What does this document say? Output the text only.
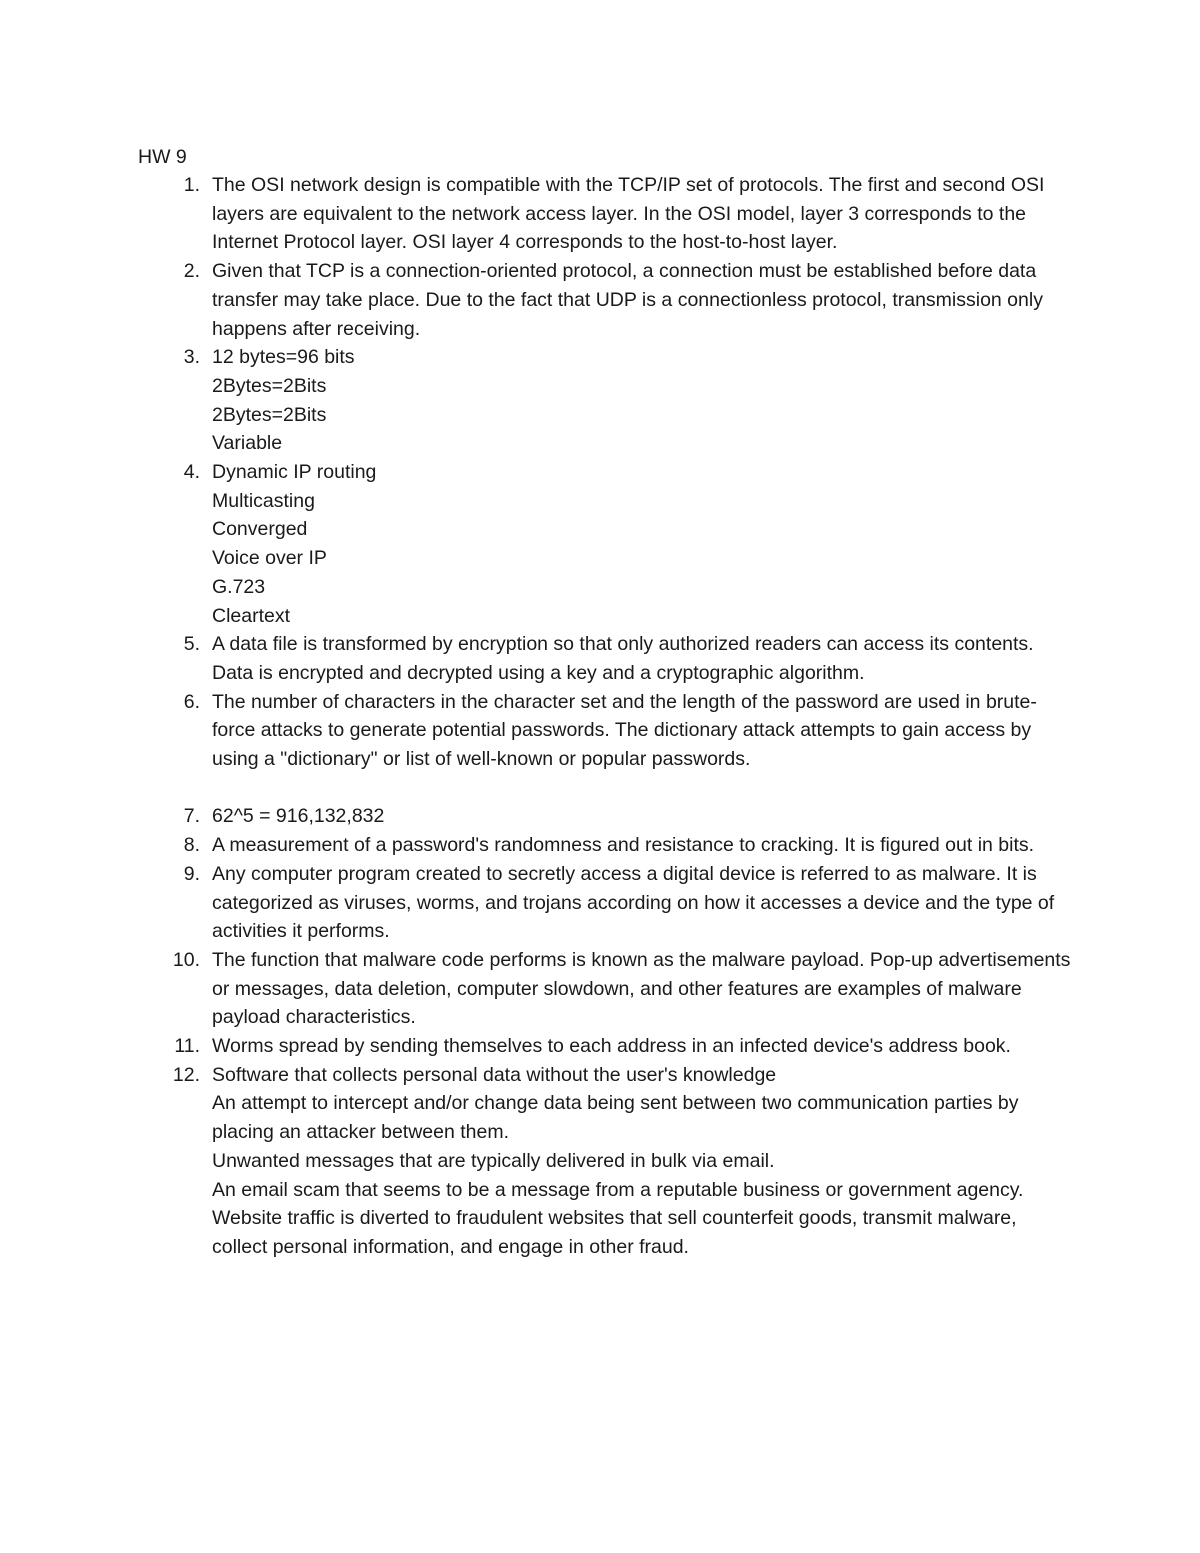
HW 9

1. The OSI network design is compatible with the TCP/IP set of protocols. The first and second OSI layers are equivalent to the network access layer. In the OSI model, layer 3 corresponds to the Internet Protocol layer. OSI layer 4 corresponds to the host-to-host layer.
2. Given that TCP is a connection-oriented protocol, a connection must be established before data transfer may take place. Due to the fact that UDP is a connectionless protocol, transmission only happens after receiving.
3. 12 bytes=96 bits
2Bytes=2Bits
2Bytes=2Bits
Variable
4. Dynamic IP routing
Multicasting
Converged
Voice over IP
G.723
Cleartext
5. A data file is transformed by encryption so that only authorized readers can access its contents. Data is encrypted and decrypted using a key and a cryptographic algorithm.
6. The number of characters in the character set and the length of the password are used in brute-force attacks to generate potential passwords. The dictionary attack attempts to gain access by using a "dictionary" or list of well-known or popular passwords.
7. 62^5 = 916,132,832
8. A measurement of a password's randomness and resistance to cracking. It is figured out in bits.
9. Any computer program created to secretly access a digital device is referred to as malware. It is categorized as viruses, worms, and trojans according on how it accesses a device and the type of activities it performs.
10. The function that malware code performs is known as the malware payload. Pop-up advertisements or messages, data deletion, computer slowdown, and other features are examples of malware payload characteristics.
11. Worms spread by sending themselves to each address in an infected device's address book.
12. Software that collects personal data without the user's knowledge
An attempt to intercept and/or change data being sent between two communication parties by placing an attacker between them.
Unwanted messages that are typically delivered in bulk via email.
An email scam that seems to be a message from a reputable business or government agency.
Website traffic is diverted to fraudulent websites that sell counterfeit goods, transmit malware, collect personal information, and engage in other fraud.
